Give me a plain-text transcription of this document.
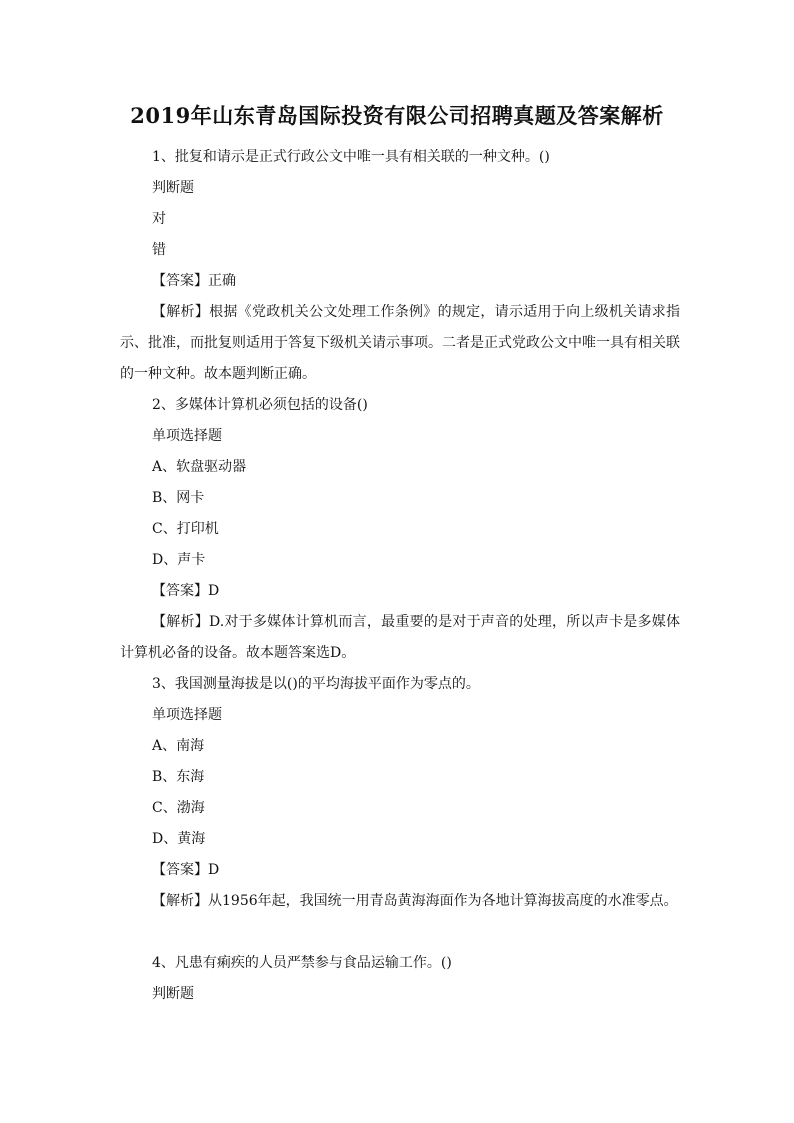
2019年山东青岛国际投资有限公司招聘真题及答案解析

1、批复和请示是正式行政公文中唯一具有相关联的一种文种。()

判断题

对

错

【答案】正确

【解析】根据《党政机关公文处理工作条例》的规定，请示适用于向上级机关请求指示、批准，而批复则适用于答复下级机关请示事项。二者是正式党政公文中唯一具有相关联的一种文种。故本题判断正确。

2、多媒体计算机必须包括的设备()

单项选择题

A、软盘驱动器

B、网卡

C、打印机

D、声卡

【答案】D

【解析】D.对于多媒体计算机而言，最重要的是对于声音的处理，所以声卡是多媒体计算机必备的设备。故本题答案选D。

3、我国测量海拔是以()的平均海拔平面作为零点的。

单项选择题

A、南海

B、东海

C、渤海

D、黄海

【答案】D

【解析】从1956年起，我国统一用青岛黄海海面作为各地计算海拔高度的水准零点。

4、凡患有痢疾的人员严禁参与食品运输工作。()

判断题
